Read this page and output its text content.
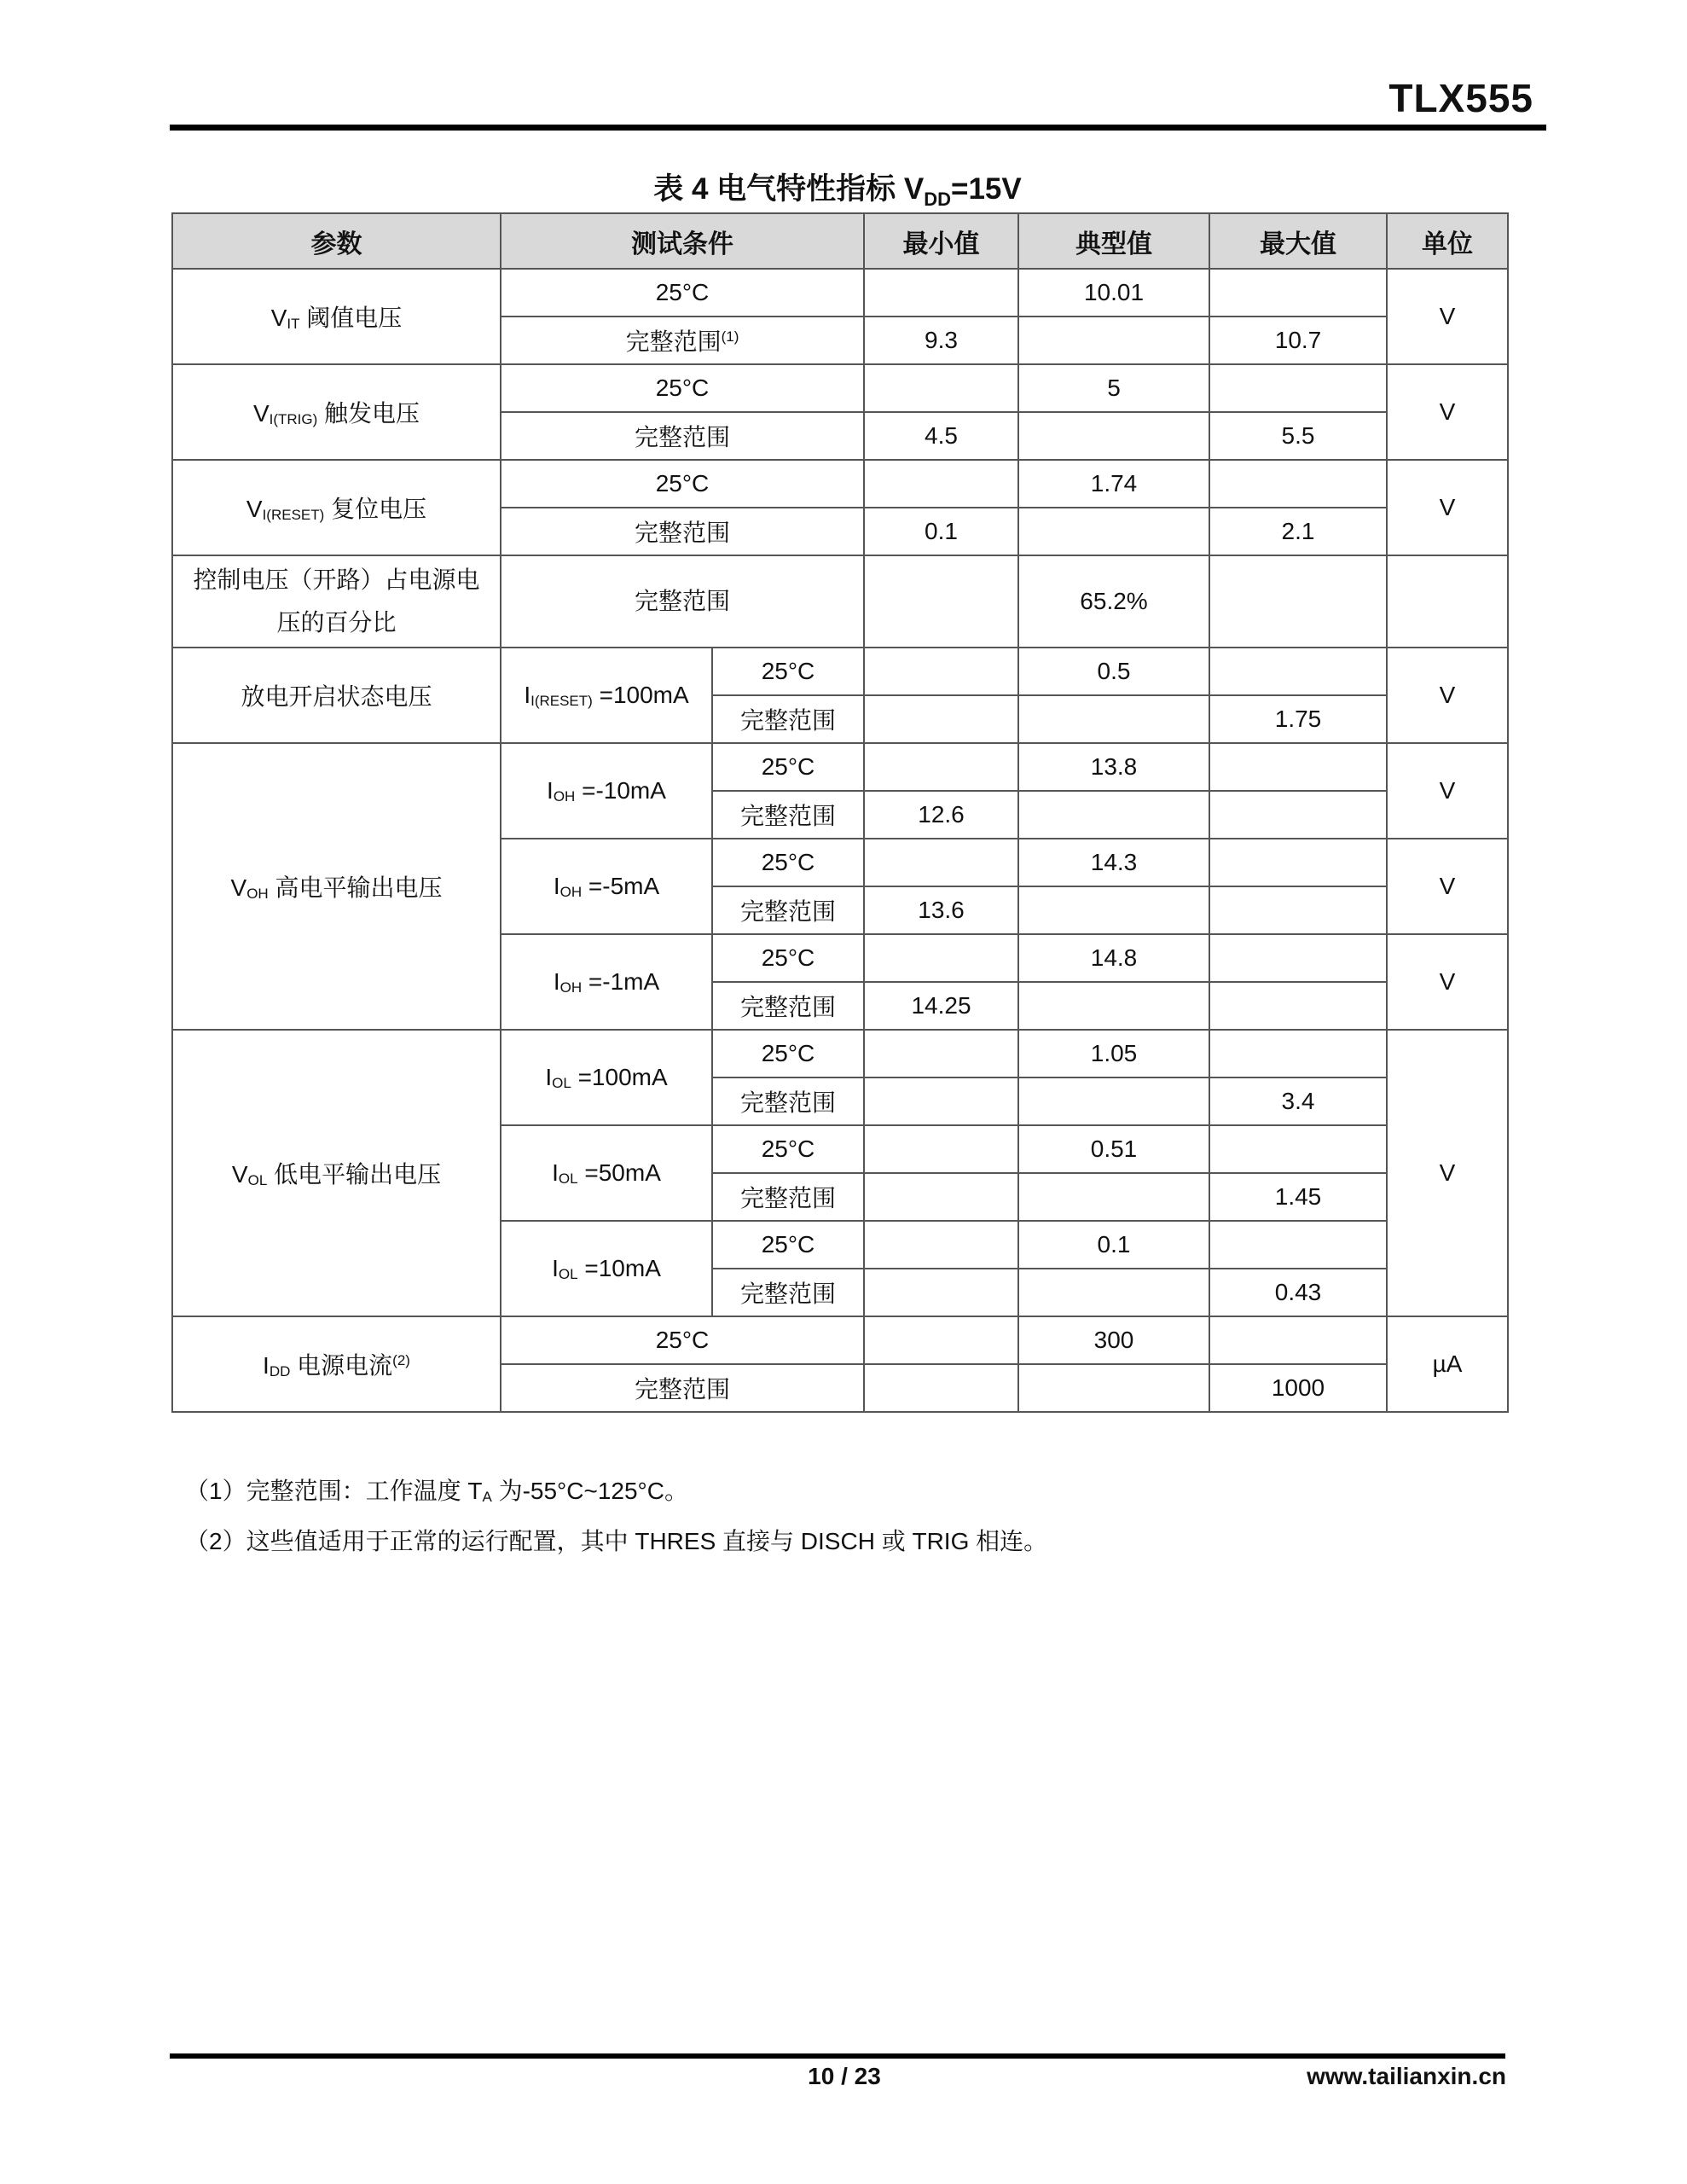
TLX555
表 4 电气特性指标 $V_{DD}=15V$
参数	测试条件		最小值	典型值	最大值	单位
$V_{IT}$ 阈值电压	25°C			10.01		V
	完整范围$^{(1)}$		9.3		10.7	
$V_{I(TRIG)}$ 触发电压	25°C			5		V
	完整范围		4.5		5.5	
$V_{I(RESET)}$ 复位电压	25°C			1.74		V
	完整范围		0.1		2.1	
控制电压（开路）占电源电
压的百分比	完整范围			65.2%		
放电开启状态电压	$I_{I(RESET)} =100mA$	25°C		0.5		V
		完整范围			1.75	
$V_{OH}$ 高电平输出电压	$I_{OH} =-10mA$	25°C		13.8		V
		完整范围	12.6			
	$I_{OH} =-5mA$	25°C		14.3		V
		完整范围	13.6			
	$I_{OH} =-1mA$	25°C		14.8		V
		完整范围	14.25			
$V_{OL}$ 低电平输出电压	$I_{OL} =100mA$	25°C		1.05		V
		完整范围			3.4	
	$I_{OL} =50mA$	25°C		0.51		
		完整范围			1.45	
	$I_{OL} =10mA$	25°C		0.1		
		完整范围			0.43	
$I_{DD}$ 电源电流$^{(2)}$	25°C			300		µA
	完整范围				1000	
（1）完整范围：工作温度 $T_A$ 为-55°C~125°C。
（2）这些值适用于正常的运行配置，其中 THRES 直接与 DISCH 或 TRIG 相连。
10 / 23	www.tailianxin.cn
